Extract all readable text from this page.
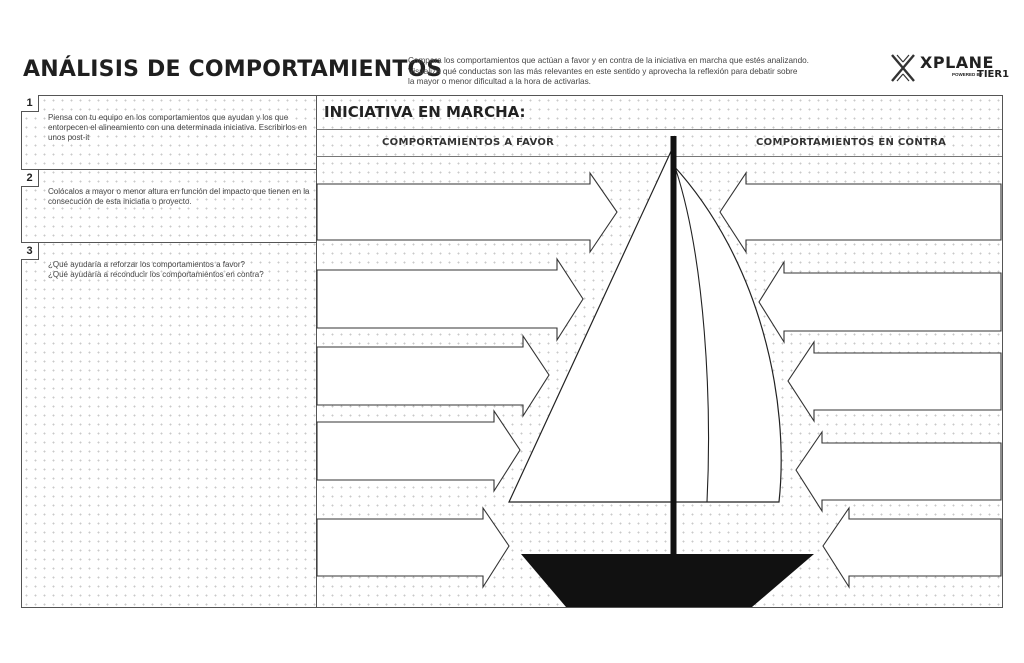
ANÁLISIS DE COMPORTAMIENTOS
Compara los comportamientos que actúan a favor y en contra de la iniciativa en marcha que estés analizando.
Visualiza qué conductas son las más relevantes en este sentido y aprovecha la reflexión para debatir sobre
la mayor o menor dificultad a la hora de activarlas.
XPLANE
POWERED BY
TIER1
1
Piensa con tu equipo en los comportamientos que ayudan y los que entorpecen el alineamiento con una determinada iniciativa. Escribirlos en unos post-it
2
Colócalos a mayor o menor altura en función del impacto que tienen en la consecución de esta iniciatia o proyecto.
3
¿Qué ayudaría a reforzar los comportamientos a favor?
¿Qué ayudaría a reconducir los comportamientos en contra?
INICIATIVA EN MARCHA:
COMPORTAMIENTOS A FAVOR	COMPORTAMIENTOS EN CONTRA
